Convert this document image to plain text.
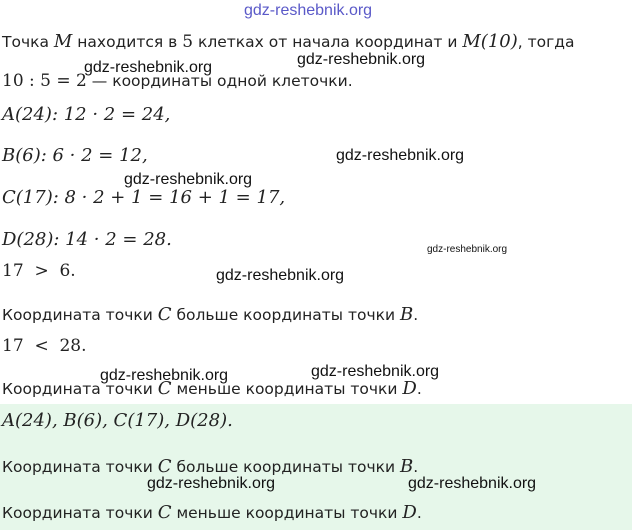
Точка M находится в 5 клетках от начала координат и M(10), тогда
10 : 5 = 2 — координаты одной клеточки.
A(24): 12 · 2 = 24,
B(6): 6 · 2 = 12,
C(17): 8 · 2 + 1 = 16 + 1 = 17,
D(28): 14 · 2 = 28.
17  >  6.
Координата точки C больше координаты точки B.
17  <  28.
Координата точки C меньше координаты точки D.
A(24), B(6), C(17), D(28).
Координата точки C больше координаты точки B.
Координата точки C меньше координаты точки D.
gdz-reshebnik.org
gdz-reshebnik.org
gdz-reshebnik.org
gdz-reshebnik.org
gdz-reshebnik.org
gdz-reshebnik.org
gdz-reshebnik.org
gdz-reshebnik.org	gdz-reshebnik.org
gdz-reshebnik.org	gdz-reshebnik.org
